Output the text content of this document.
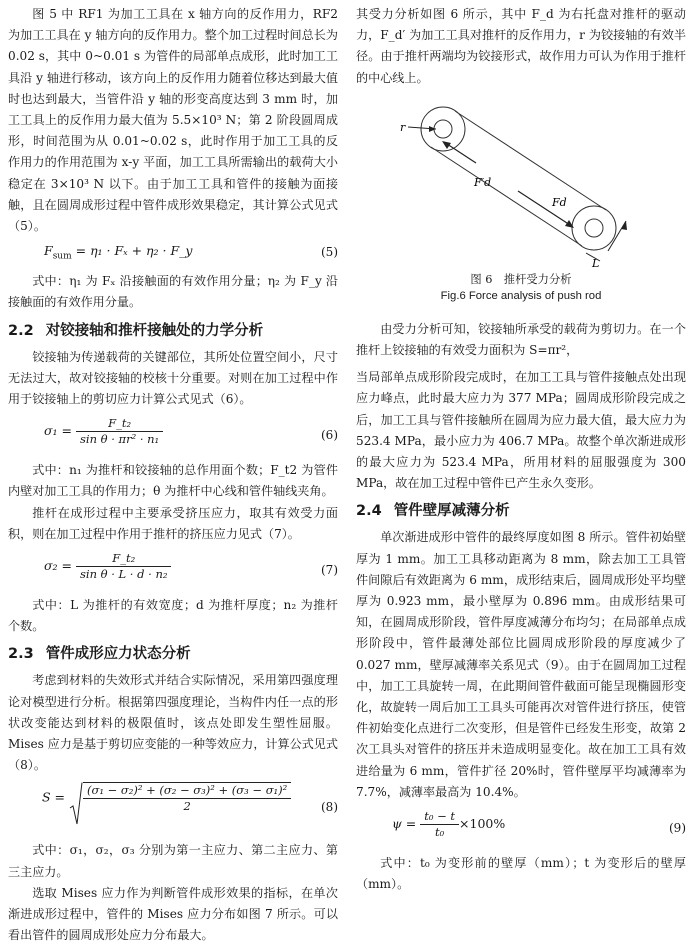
图 5 中 RF1 为加工工具在 x 轴方向的反作用力，RF2 为加工工具在 y 轴方向的反作用力。整个加工过程时间总长为 0.02 s，其中 0~0.01 s 为管件的局部单点成形，此时加工工具沿 y 轴进行移动，该方向上的反作用力随着位移达到最大值时也达到最大，当管件沿 y 轴的形变高度达到 3 mm 时，加工工具上的反作用力最大值为 5.5×10³ N；第 2 阶段圆周成形，时间范围为从 0.01~0.02 s，此时作用于加工工具的反作用力的作用范围为 x-y 平面，加工工具所需输出的载荷大小稳定在 3×10³ N 以下。由于加工工具和管件的接触为面接触，且在圆周成形过程中管件成形效果稳定，其计算公式见式（5）。

$F_{sum} = \eta_1 \cdot F_x + \eta_2$ · F_y	(5)

式中：η₁ 为 Fₓ 沿接触面的有效作用分量；η₂ 为 F_y 沿接触面的有效作用分量。

2.2 对铰接轴和推杆接触处的力学分析

铰接轴为传递载荷的关键部位，其所处位置空间小，尺寸无法过大，故对铰接轴的校核十分重要。对则在加工过程中作用于铰接轴上的剪切应力计算公式见式（6）。

$\sigma_1 = \frac{\text{F\_t₂}}{\text{sin θ · πr² · n₁}}$	(6)

式中：n₁ 为推杆和铰接轴的总作用面个数；F_t2 为管件内壁对加工工具的作用力；θ 为推杆中心线和管件轴线夹角。

推杆在成形过程中主要承受挤压应力，取其有效受力面积，则在加工过程中作用于推杆的挤压应力见式（7）。

$\sigma_2 = \frac{\text{F\_t₂}}{\text{sin θ · L · d · n₂}}$	(7)

式中：L 为推杆的有效宽度；d 为推杆厚度；n₂ 为推杆个数。

2.3 管件成形应力状态分析

考虑到材料的失效形式并结合实际情况，采用第四强度理论对模型进行分析。根据第四强度理论，当构件内任一点的形状改变能达到材料的极限值时，该点处即发生塑性屈服。Mises 应力是基于剪切应变能的一种等效应力，计算公式见式（8）。

$S = \frac{\text{(σ₁ − σ₂)² + (σ₂ − σ₃)² + (σ₃ − σ₁)²}}{2} (8)$

式中：σ₁，σ₂，σ₃ 分别为第一主应力、第二主应力、第三主应力。

选取 Mises 应力作为判断管件成形效果的指标，在单次渐进成形过程中，管件的 Mises 应力分布如图 7 所示。可以看出管件的圆周成形处应力分布最大。

其受力分析如图 6 所示，其中 F_d 为右托盘对推杆的驱动力，F_d′ 为加工工具对推杆的反作用力，r 为铰接轴的有效半径。由于推杆两端均为铰接形式，故作用力可认为作用于推杆的中心线上。

r
F′d
Fd
L
图 6　推杆受力分析
Fig.6 Force analysis of push rod

由受力分析可知，铰接轴所承受的载荷为剪切力。在一个推杆上铰接轴的有效受力面积为 S=πr²，

当局部单点成形阶段完成时，在加工工具与管件接触点处出现应力峰点，此时最大应力为 377 MPa；圆周成形阶段完成之后，加工工具与管件接触所在圆周为应力最大值，最大应力为 523.4 MPa，最小应力为 406.7 MPa。故整个单次渐进成形的最大应力为 523.4 MPa，所用材料的屈服强度为 300 MPa，故在加工过程中管件已产生永久变形。

2.4 管件壁厚减薄分析

单次渐进成形中管件的最终厚度如图 8 所示。管件初始壁厚为 1 mm。加工工具移动距离为 8 mm，除去加工工具管件间隙后有效距离为 6 mm，成形结束后，圆周成形处平均壁厚为 0.923 mm，最小壁厚为 0.896 mm。由成形结果可知，在圆周成形阶段，管件厚度减薄分布均匀；在局部单点成形阶段中，管件最薄处部位比圆周成形阶段的厚度减少了 0.027 mm，壁厚减薄率关系见式（9）。由于在圆周加工过程中，加工工具旋转一周，在此期间管件截面可能呈现椭圆形变化，故旋转一周后加工工具头可能再次对管件进行挤压，使管件初始变化点进行二次变形，但是管件已经发生形变，故第 2 次工具头对管件的挤压并未造成明显变化。故在加工工具有效进给量为 6 mm，管件扩径 20%时，管件壁厚平均减薄率为 7.7%，减薄率最高为 10.4%。

$\psi = \frac{\text{t₀ − t}}{\text{t₀}} \times 100\%$	(9)

式中：t₀ 为变形前的壁厚（mm）；t 为变形后的壁厚（mm）。
